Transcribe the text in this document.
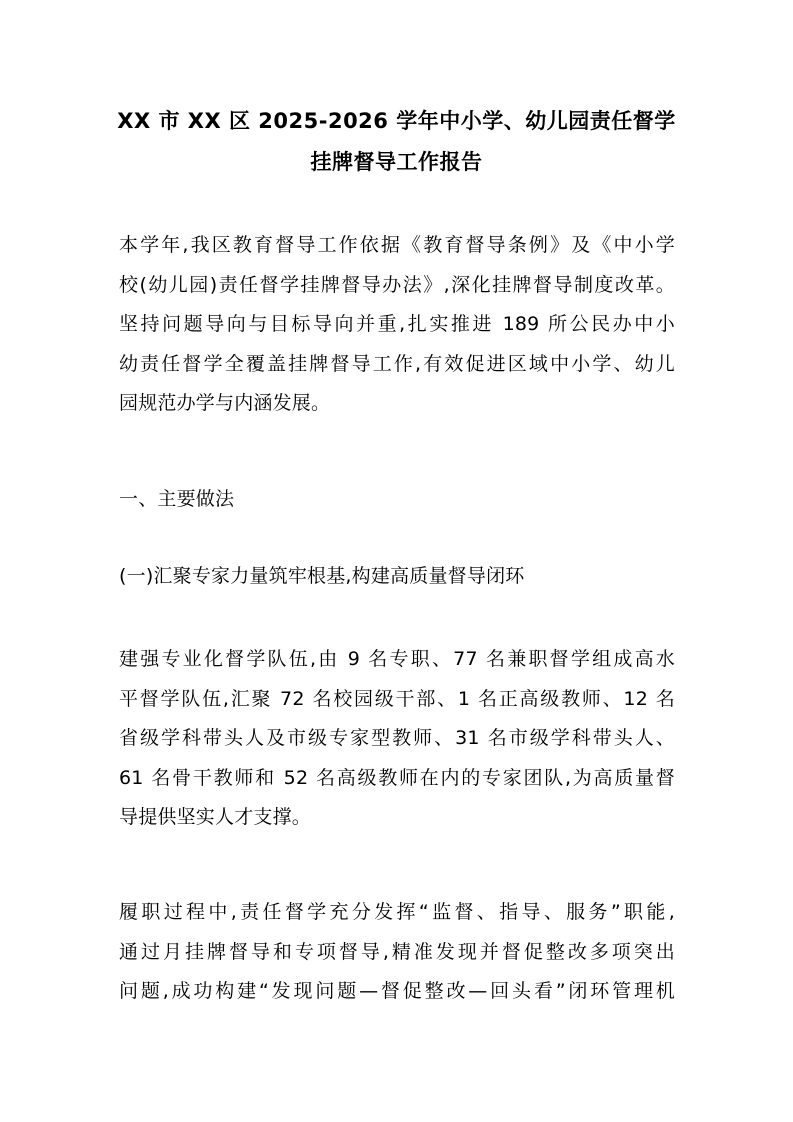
XX 市 XX 区 2025-2026 学年中小学、幼儿园责任督学
挂牌督导工作报告
本学年,我区教育督导工作依据《教育督导条例》及《中小学
校(幼儿园)责任督学挂牌督导办法》,深化挂牌督导制度改革。
坚持问题导向与目标导向并重,扎实推进 189 所公民办中小
幼责任督学全覆盖挂牌督导工作,有效促进区域中小学、幼儿
园规范办学与内涵发展。
一、主要做法
(一)汇聚专家力量筑牢根基,构建高质量督导闭环
建强专业化督学队伍,由 9 名专职、77 名兼职督学组成高水
平督学队伍,汇聚 72 名校园级干部、1 名正高级教师、12 名
省级学科带头人及市级专家型教师、31 名市级学科带头人、
61 名骨干教师和 52 名高级教师在内的专家团队,为高质量督
导提供坚实人才支撑。
履职过程中,责任督学充分发挥“监督、指导、服务”职能,
通过月挂牌督导和专项督导,精准发现并督促整改多项突出
问题,成功构建“发现问题—督促整改—回头看”闭环管理机
